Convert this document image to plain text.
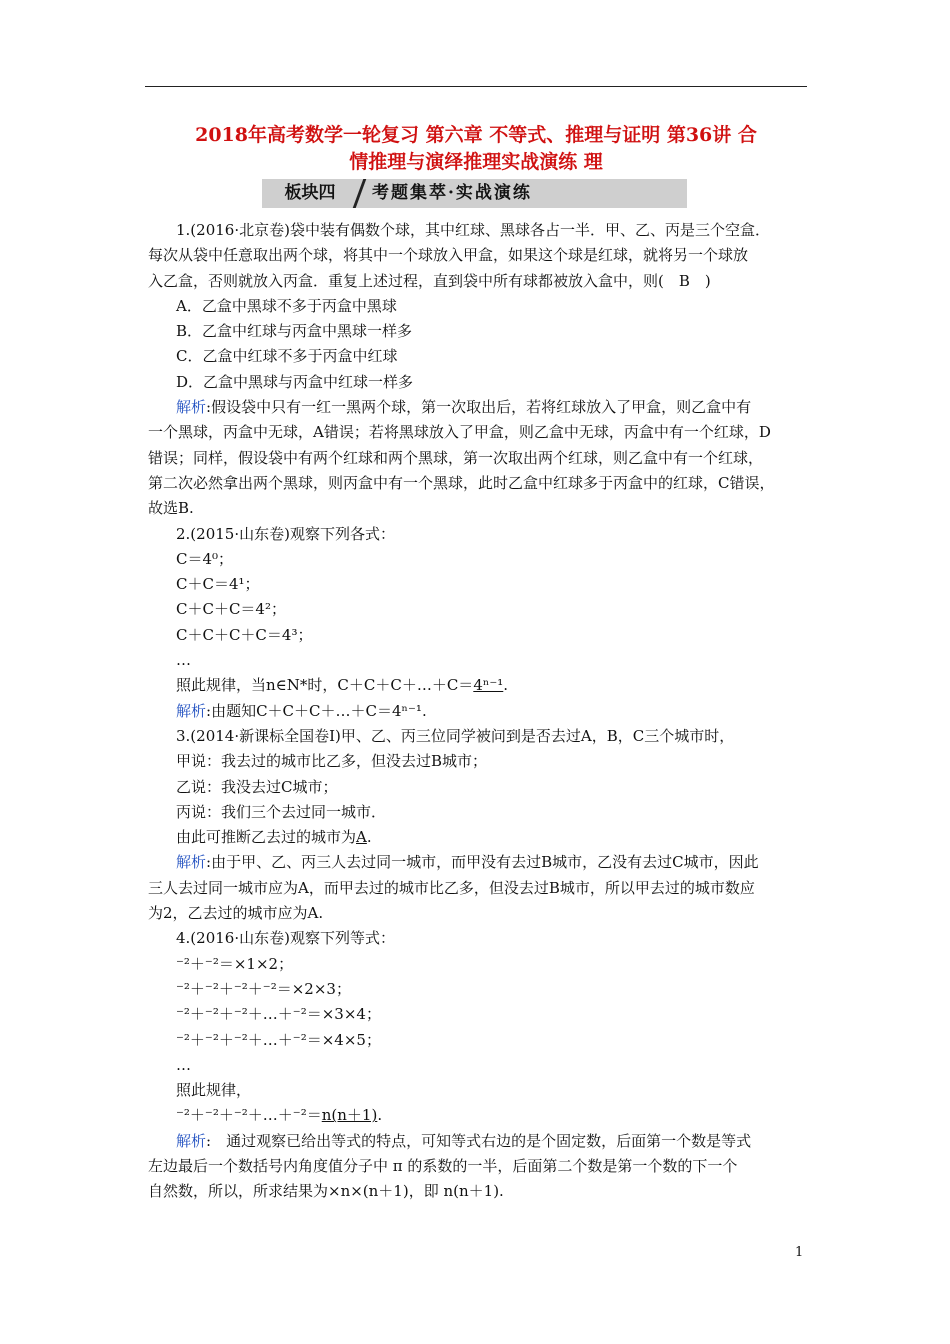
2018年高考数学一轮复习 第六章 不等式、推理与证明 第36讲 合
情推理与演绎推理实战演练 理
板块四	考题集萃·实战演练
1.(2016·北京卷)袋中装有偶数个球，其中红球、黑球各占一半．甲、乙、丙是三个空盒．
每次从袋中任意取出两个球，将其中一个球放入甲盒，如果这个球是红球，就将另一个球放
入乙盒，否则就放入丙盒．重复上述过程，直到袋中所有球都被放入盒中，则(　B　)
A．乙盒中黑球不多于丙盒中黑球
B．乙盒中红球与丙盒中黑球一样多
C．乙盒中红球不多于丙盒中红球
D．乙盒中黑球与丙盒中红球一样多
解析:假设袋中只有一红一黑两个球，第一次取出后，若将红球放入了甲盒，则乙盒中有
一个黑球，丙盒中无球，A错误；若将黑球放入了甲盒，则乙盒中无球，丙盒中有一个红球，D
错误；同样，假设袋中有两个红球和两个黑球，第一次取出两个红球，则乙盒中有一个红球，
第二次必然拿出两个黑球，则丙盒中有一个黑球，此时乙盒中红球多于丙盒中的红球，C错误，
故选B.
2.(2015·山东卷)观察下列各式：
C＝4⁰；
C＋C＝4¹；
C＋C＋C＝4²；
C＋C＋C＋C＝4³；
…
照此规律，当n∈N*时，C＋C＋C＋…＋C＝4ⁿ⁻¹.
解析:由题知C＋C＋C＋…＋C＝4ⁿ⁻¹.
3.(2014·新课标全国卷Ⅰ)甲、乙、丙三位同学被问到是否去过A，B，C三个城市时，
甲说：我去过的城市比乙多，但没去过B城市；
乙说：我没去过C城市；
丙说：我们三个去过同一城市．
由此可推断乙去过的城市为A.
解析:由于甲、乙、丙三人去过同一城市，而甲没有去过B城市，乙没有去过C城市，因此
三人去过同一城市应为A，而甲去过的城市比乙多，但没去过B城市，所以甲去过的城市数应
为2，乙去过的城市应为A.
4.(2016·山东卷)观察下列等式：
⁻²＋⁻²＝×1×2；
⁻²＋⁻²＋⁻²＋⁻²＝×2×3；
⁻²＋⁻²＋⁻²＋…＋⁻²＝×3×4；
⁻²＋⁻²＋⁻²＋…＋⁻²＝×4×5；
…
照此规律，
⁻²＋⁻²＋⁻²＋…＋⁻²＝n(n＋1).
解析:　通过观察已给出等式的特点，可知等式右边的是个固定数，后面第一个数是等式
左边最后一个数括号内角度值分子中 π 的系数的一半，后面第二个数是第一个数的下一个
自然数，所以，所求结果为×n×(n＋1)，即 n(n＋1).
1
